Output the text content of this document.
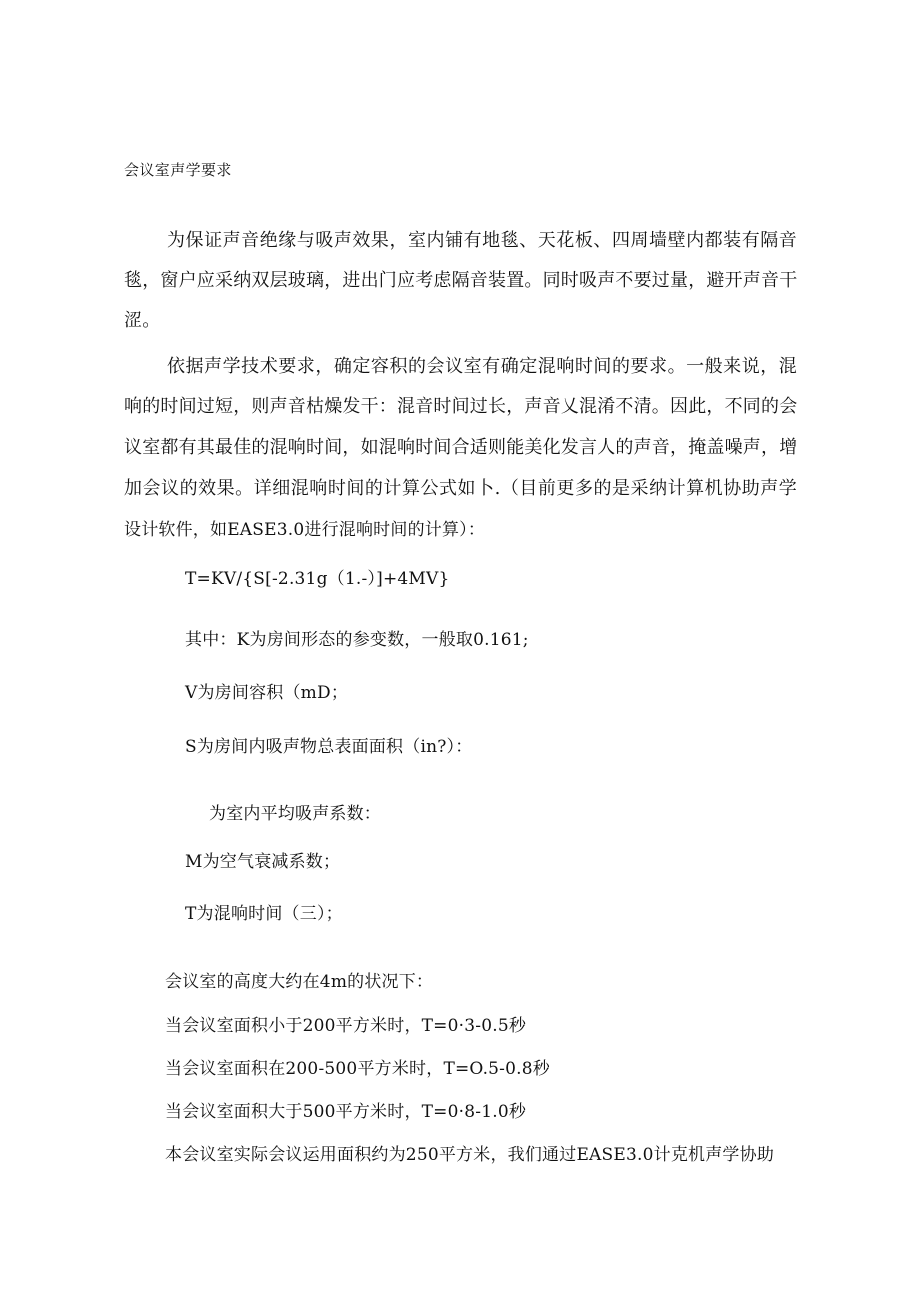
会议室声学要求
为保证声音绝缘与吸声效果，室内铺有地毯、天花板、四周墙壁内都装有隔音
毯，窗户应采纳双层玻璃，进出门应考虑隔音装置。同时吸声不要过量，避开声音干
涩。
依据声学技术要求，确定容积的会议室有确定混响时间的要求。一般来说，混
响的时间过短，则声音枯燥发干：混音时间过长，声音乂混淆不清。因此，不同的会
议室都有其最佳的混响时间，如混响时间合适则能美化发言人的声音，掩盖噪声，增
加会议的效果。详细混响时间的计算公式如卜.（目前更多的是采纳计算机协助声学
设计软件，如EASE3.0进行混响时间的计算）：
T=KV∕{S[-2.31g（1.-）]+4MV}
其中：K为房间形态的参变数，一般取0.161;
V为房间容积（mD；
S为房间内吸声物总表面面积（in?）：
为室内平均吸声系数：
M为空气衰减系数；
T为混响时间（三）；
会议室的高度大约在4m的状况下：
当会议室面积小于200平方米时，T=0·3-0.5秒
当会议室面积在200-500平方米时，T=O.5-0.8秒
当会议室面积大于500平方米时，T=0·8-1.0秒
本会议室实际会议运用面积约为250平方米，我们通过EASE3.0计克机声学协助
